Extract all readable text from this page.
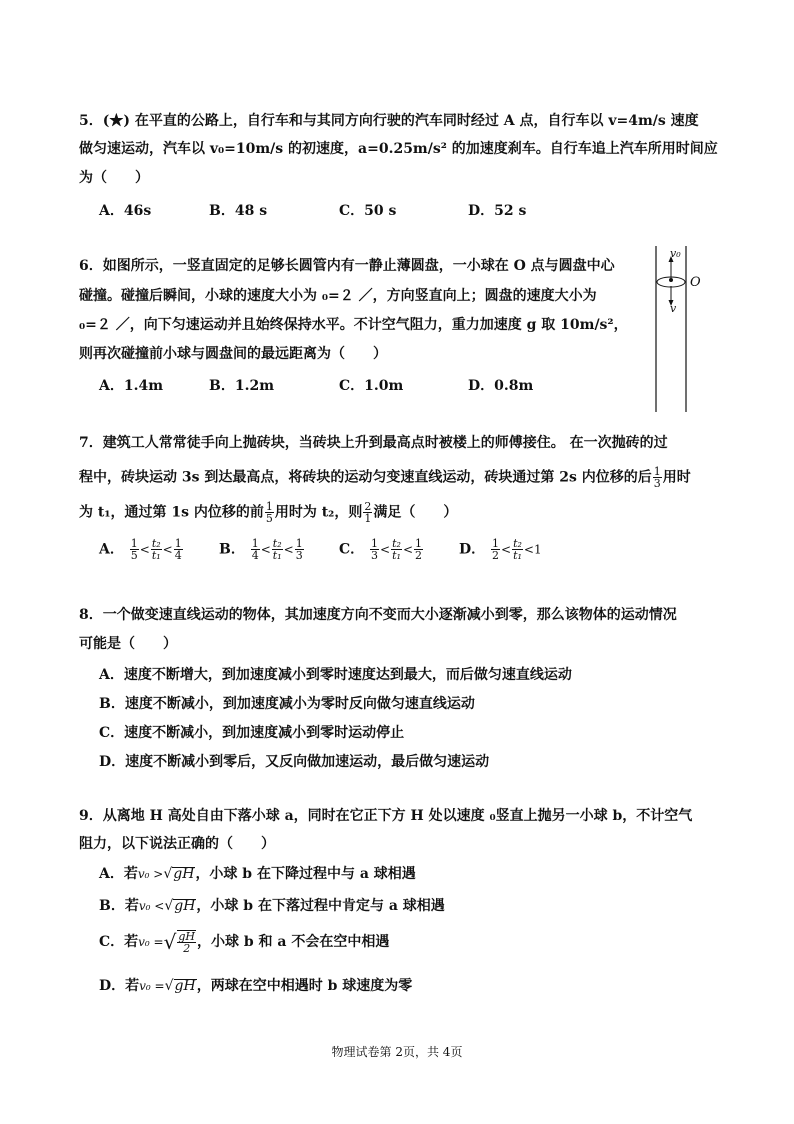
5．(★) 在平直的公路上，自行车和与其同方向行驶的汽车同时经过 A 点，自行车以 v=4m/s 速度
做匀速运动，汽车以 v₀=10m/s 的初速度，a=0.25m/s² 的加速度刹车。自行车追上汽车所用时间应
为（　　）
A．46s	B．48 s	C．50 s	D．52 s
6．如图所示，一竖直固定的足够长圆管内有一静止薄圆盘，一小球在 O 点与圆盘中心
碰撞。碰撞后瞬间，小球的速度大小为 ₀=２ ／，方向竖直向上；圆盘的速度大小为
₀=２ ／，向下匀速运动并且始终保持水平。不计空气阻力，重力加速度 g 取 10m/s²，
则再次碰撞前小球与圆盘间的最远距离为（　　）
A．1.4m	B．1.2m	C．1.0m	D．0.8m
v₀
O
v
7．建筑工人常常徒手向上抛砖块，当砖块上升到最高点时被楼上的师傅接住。 在一次抛砖的过
程中，砖块运动 3s 到达最高点，将砖块的运动匀变速直线运动，砖块通过第 2s 内位移的后 $\frac{1}{3}$ 用时
为 t₁，通过第 1s 内位移的前 $\frac{1}{5}$ 用时为 t₂，则 $\frac{2}{1}$ 满足（　　）
A． $\frac{1}{5} < \frac{\text{t₂}}{\text{t₁}} < \frac{1}{4}$	B． $\frac{1}{4} < \frac{\text{t₂}}{\text{t₁}} < \frac{1}{3}$	C． $\frac{1}{3} < \frac{\text{t₂}}{\text{t₁}} < \frac{1}{2}$	D． $\frac{1}{2} < \frac{\text{t₂}}{\text{t₁}} <1$
8．一个做变速直线运动的物体，其加速度方向不变而大小逐渐减小到零，那么该物体的运动情况
可能是（　　）
A．速度不断增大，到加速度减小到零时速度达到最大，而后做匀速直线运动
B．速度不断减小，到加速度减小为零时反向做匀速直线运动
C．速度不断减小，到加速度减小到零时运动停止
D．速度不断减小到零后，又反向做加速运动，最后做匀速运动
9．从离地 H 高处自由下落小球 a，同时在它正下方 H 处以速度 ₀竖直上抛另一小球 b，不计空气
阻力，以下说法正确的（　　）
A．若v₀ >√gH，小球 b 在下降过程中与 a 球相遇
B．若v₀ <√gH，小球 b 在下落过程中肯定与 a 球相遇
C．若v₀ =√ $\frac{gH}{2}$ ，小球 b 和 a 不会在空中相遇
D．若v₀ =√gH，两球在空中相遇时 b 球速度为零
物理试卷第 2页，共 4页
